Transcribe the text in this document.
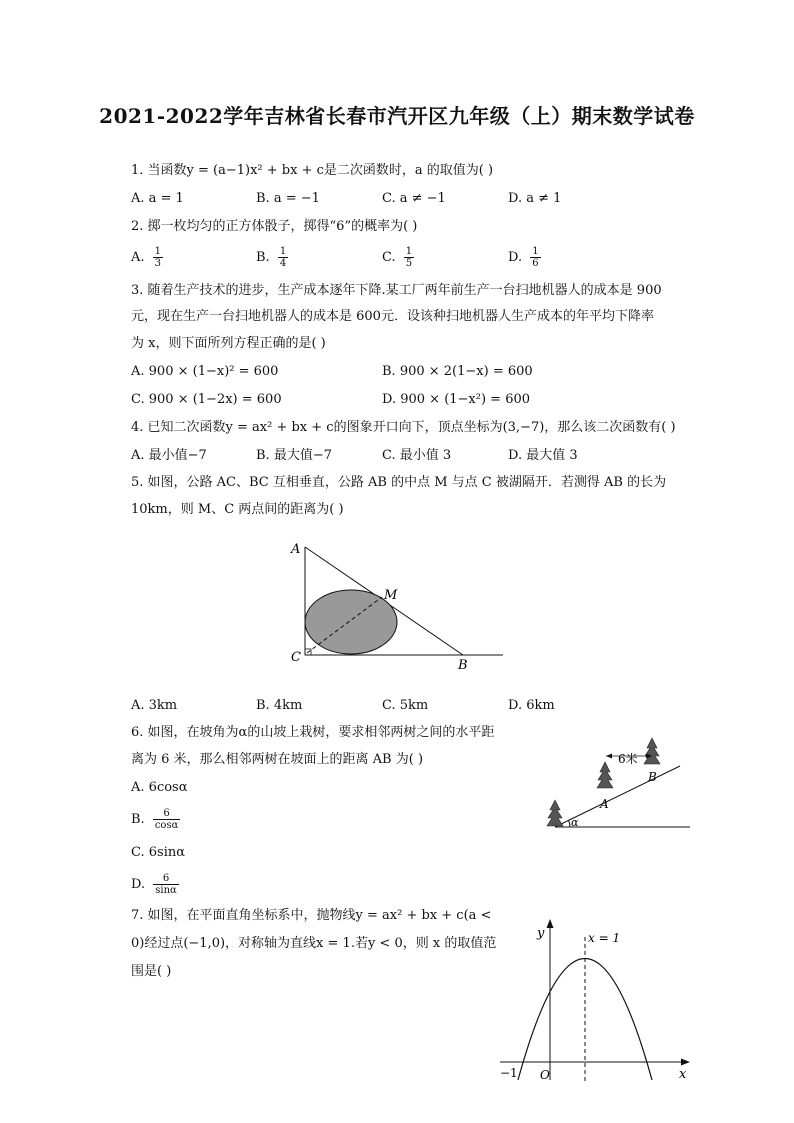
2021-2022学年吉林省长春市汽开区九年级（上）期末数学试卷
1. 当函数y = (a−1)x² + bx + c是二次函数时，a 的取值为( )
A. a = 1	B. a = −1	C. a ≠ −1	D. a ≠ 1
2. 掷一枚均匀的正方体骰子，掷得“6”的概率为( )
A. $\frac{1}{3}$	B. $\frac{1}{4}$	C. $\frac{1}{5}$	D. $\frac{1}{6}$
3. 随着生产技术的进步，生产成本逐年下降.某工厂两年前生产一台扫地机器人的成本是 900
元，现在生产一台扫地机器人的成本是 600元．设该种扫地机器人生产成本的年平均下降率
为 x，则下面所列方程正确的是( )
A. 900 × (1−x)² = 600	B. 900 × 2(1−x) = 600
C. 900 × (1−2x) = 600	D. 900 × (1−x²) = 600
4. 已知二次函数y = ax² + bx + c的图象开口向下，顶点坐标为(3,−7)，那么该二次函数有( )
A. 最小值−7	B. 最大值−7	C. 最小值 3	D. 最大值 3
5. 如图，公路 AC、BC 互相垂直，公路 AB 的中点 M 与点 C 被湖隔开．若测得 AB 的长为
10km，则 M、C 两点间的距离为( )
A
M
C
B
A. 3km	B. 4km	C. 5km	D. 6km
6. 如图，在坡角为α的山坡上栽树，要求相邻两树之间的水平距
离为 6 米，那么相邻两树在坡面上的距离 AB 为( )
A. 6cosα
B. $\frac{6}{\cos\alpha}$
C. 6sinα
D. $\frac{6}{\sin\alpha}$
α
6米
A
B
7. 如图，在平面直角坐标系中，抛物线y = ax² + bx + c(a <
0)经过点(−1,0)，对称轴为直线x = 1.若y < 0，则 x 的取值范
围是( )
y	x = 1
−1 O	x
